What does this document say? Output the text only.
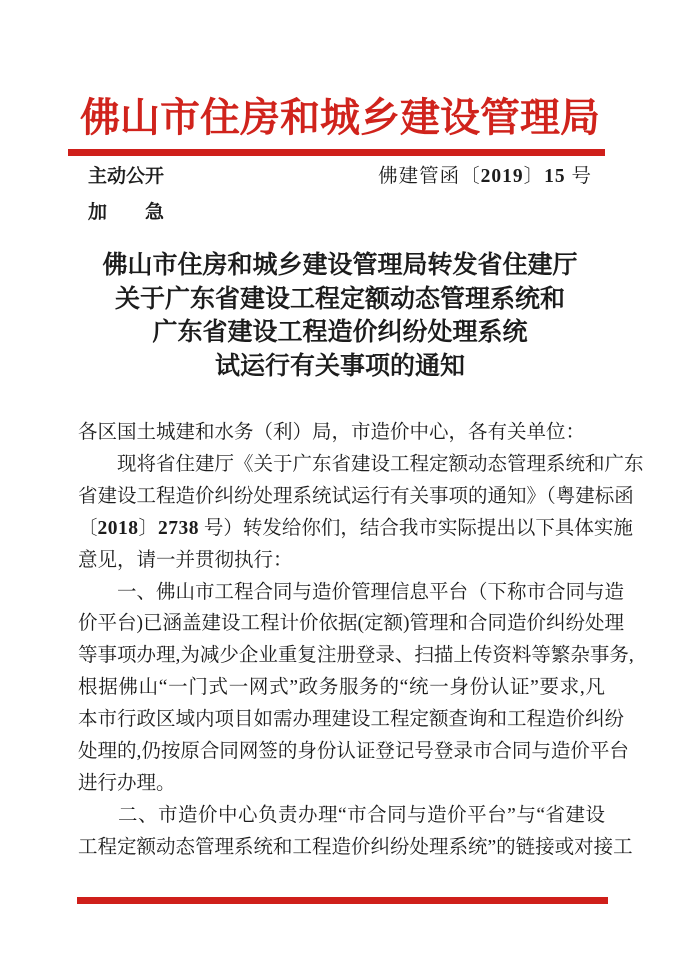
佛山市住房和城乡建设管理局
主动公开	佛建管函〔2019〕15 号
加　　急
佛山市住房和城乡建设管理局转发省住建厅
关于广东省建设工程定额动态管理系统和
广东省建设工程造价纠纷处理系统
试运行有关事项的通知
各区国土城建和水务（利）局，市造价中心，各有关单位：
　　现将省住建厅《关于广东省建设工程定额动态管理系统和广东
省建设工程造价纠纷处理系统试运行有关事项的通知》（粤建标函
〔2018〕2738 号）转发给你们，结合我市实际提出以下具体实施
意见，请一并贯彻执行：
　　一、佛山市工程合同与造价管理信息平台（下称市合同与造
价平台)已涵盖建设工程计价依据(定额)管理和合同造价纠纷处理
等事项办理,为减少企业重复注册登录、扫描上传资料等繁杂事务,
根据佛山“一门式一网式”政务服务的“统一身份认证”要求,凡
本市行政区域内项目如需办理建设工程定额查询和工程造价纠纷
处理的,仍按原合同网签的身份认证登记号登录市合同与造价平台
进行办理。
　　二、市造价中心负责办理“市合同与造价平台”与“省建设
工程定额动态管理系统和工程造价纠纷处理系统”的链接或对接工
